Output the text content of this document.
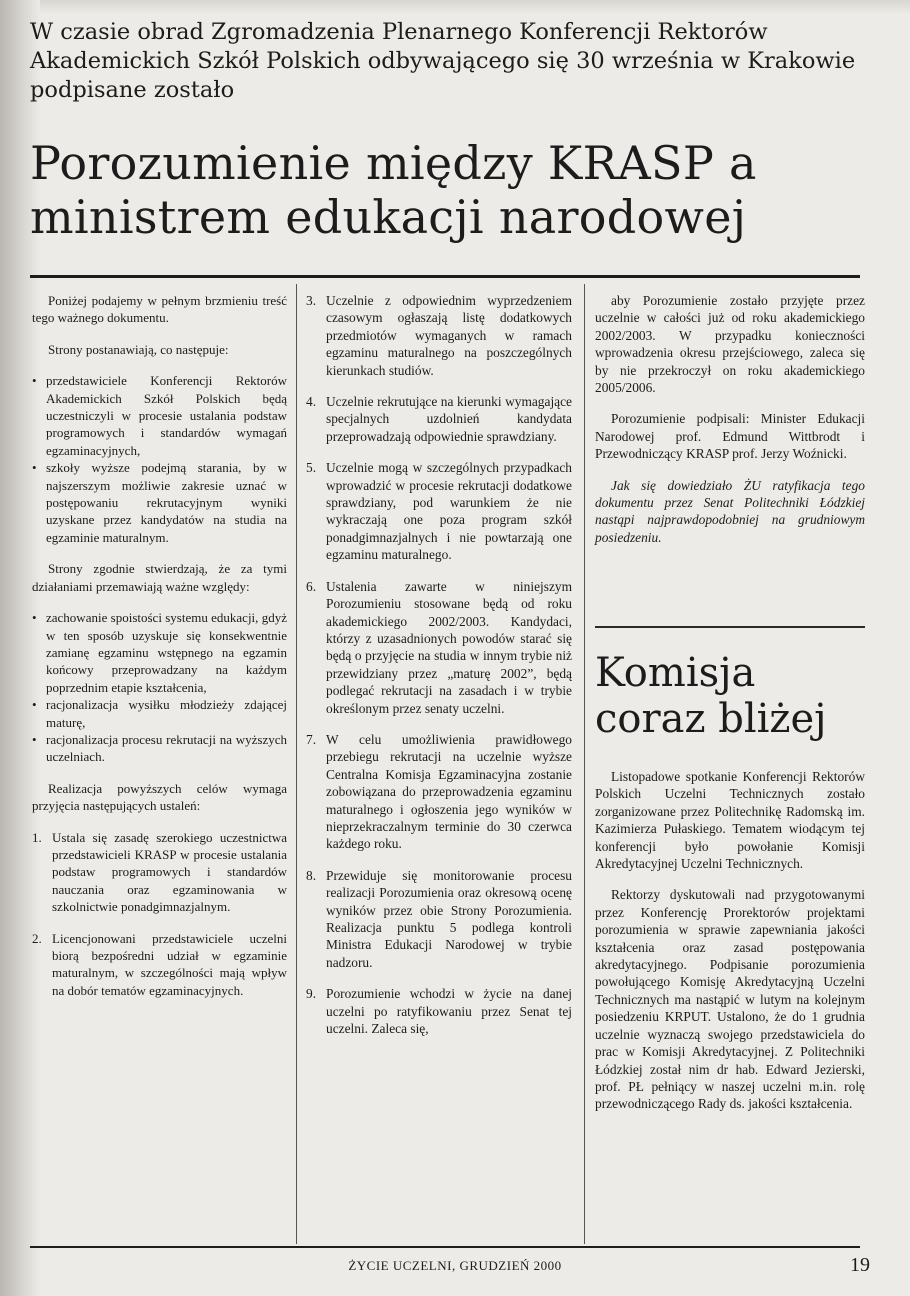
W czasie obrad Zgromadzenia Plenarnego Konferencji Rektorów Akademickich Szkół Polskich odbywającego się 30 września w Krakowie podpisane zostało
Porozumienie między KRASP a ministrem edukacji narodowej

Poniżej podajemy w pełnym brzmieniu treść tego ważnego dokumentu.

Strony postanawiają, co następuje:

• przedstawiciele Konferencji Rektorów Akademickich Szkół Polskich będą uczestniczyli w procesie ustalania podstaw programowych i standardów wymagań egzaminacyjnych,
• szkoły wyższe podejmą starania, by w najszerszym możliwie zakresie uznać w postępowaniu rekrutacyjnym wyniki uzyskane przez kandydatów na studia na egzaminie maturalnym.

Strony zgodnie stwierdzają, że za tymi działaniami przemawiają ważne względy:

• zachowanie spoistości systemu edukacji, gdyż w ten sposób uzyskuje się konsekwentnie zamianę egzaminu wstępnego na egzamin końcowy przeprowadzany na każdym poprzednim etapie kształcenia,
• racjonalizacja wysiłku młodzieży zdającej maturę,
• racjonalizacja procesu rekrutacji na wyższych uczelniach.

Realizacja powyższych celów wymaga przyjęcia następujących ustaleń:

1. Ustala się zasadę szerokiego uczestnictwa przedstawicieli KRASP w procesie ustalania podstaw programowych i standardów nauczania oraz egzaminowania w szkolnictwie ponadgimnazjalnym.
2. Licencjonowani przedstawiciele uczelni biorą bezpośredni udział w egzaminie maturalnym, w szczególności mają wpływ na dobór tematów egzaminacyjnych.
3. Uczelnie z odpowiednim wyprzedzeniem czasowym ogłaszają listę dodatkowych przedmiotów wymaganych w ramach egzaminu maturalnego na poszczególnych kierunkach studiów.
4. Uczelnie rekrutujące na kierunki wymagające specjalnych uzdolnień kandydata przeprowadzają odpowiednie sprawdziany.
5. Uczelnie mogą w szczególnych przypadkach wprowadzić w procesie rekrutacji dodatkowe sprawdziany, pod warunkiem że nie wykraczają one poza program szkół ponadgimnazjalnych i nie powtarzają one egzaminu maturalnego.
6. Ustalenia zawarte w niniejszym Porozumieniu stosowane będą od roku akademickiego 2002/2003. Kandydaci, którzy z uzasadnionych powodów starać się będą o przyjęcie na studia w innym trybie niż przewidziany przez „maturę 2002”, będą podlegać rekrutacji na zasadach i w trybie określonym przez senaty uczelni.
7. W celu umożliwienia prawidłowego przebiegu rekrutacji na uczelnie wyższe Centralna Komisja Egzaminacyjna zostanie zobowiązana do przeprowadzenia egzaminu maturalnego i ogłoszenia jego wyników w nieprzekraczalnym terminie do 30 czerwca każdego roku.
8. Przewiduje się monitorowanie procesu realizacji Porozumienia oraz okresową ocenę wyników przez obie Strony Porozumienia. Realizacja punktu 5 podlega kontroli Ministra Edukacji Narodowej w trybie nadzoru.
9. Porozumienie wchodzi w życie na danej uczelni po ratyfikowaniu przez Senat tej uczelni. Zaleca się,

aby Porozumienie zostało przyjęte przez uczelnie w całości już od roku akademickiego 2002/2003. W przypadku konieczności wprowadzenia okresu przejściowego, zaleca się by nie przekroczył on roku akademickiego 2005/2006.

Porozumienie podpisali: Minister Edukacji Narodowej prof. Edmund Wittbrodt i Przewodniczący KRASP prof. Jerzy Woźnicki.

Jak się dowiedziało ŻU ratyfikacja tego dokumentu przez Senat Politechniki Łódzkiej nastąpi najprawdopodobniej na grudniowym posiedzeniu.

Komisja coraz bliżej

Listopadowe spotkanie Konferencji Rektorów Polskich Uczelni Technicznych zostało zorganizowane przez Politechnikę Radomską im. Kazimierza Pułaskiego. Tematem wiodącym tej konferencji było powołanie Komisji Akredytacyjnej Uczelni Technicznych.

Rektorzy dyskutowali nad przygotowanymi przez Konferencję Prorektorów projektami porozumienia w sprawie zapewniania jakości kształcenia oraz zasad postępowania akredytacyjnego. Podpisanie porozumienia powołującego Komisję Akredytacyjną Uczelni Technicznych ma nastąpić w lutym na kolejnym posiedzeniu KRPUT. Ustalono, że do 1 grudnia uczelnie wyznaczą swojego przedstawiciela do prac w Komisji Akredytacyjnej. Z Politechniki Łódzkiej został nim dr hab. Edward Jezierski, prof. PŁ pełniący w naszej uczelni m.in. rolę przewodniczącego Rady ds. jakości kształcenia.

ŻYCIE UCZELNI, GRUDZIEŃ 2000	19
